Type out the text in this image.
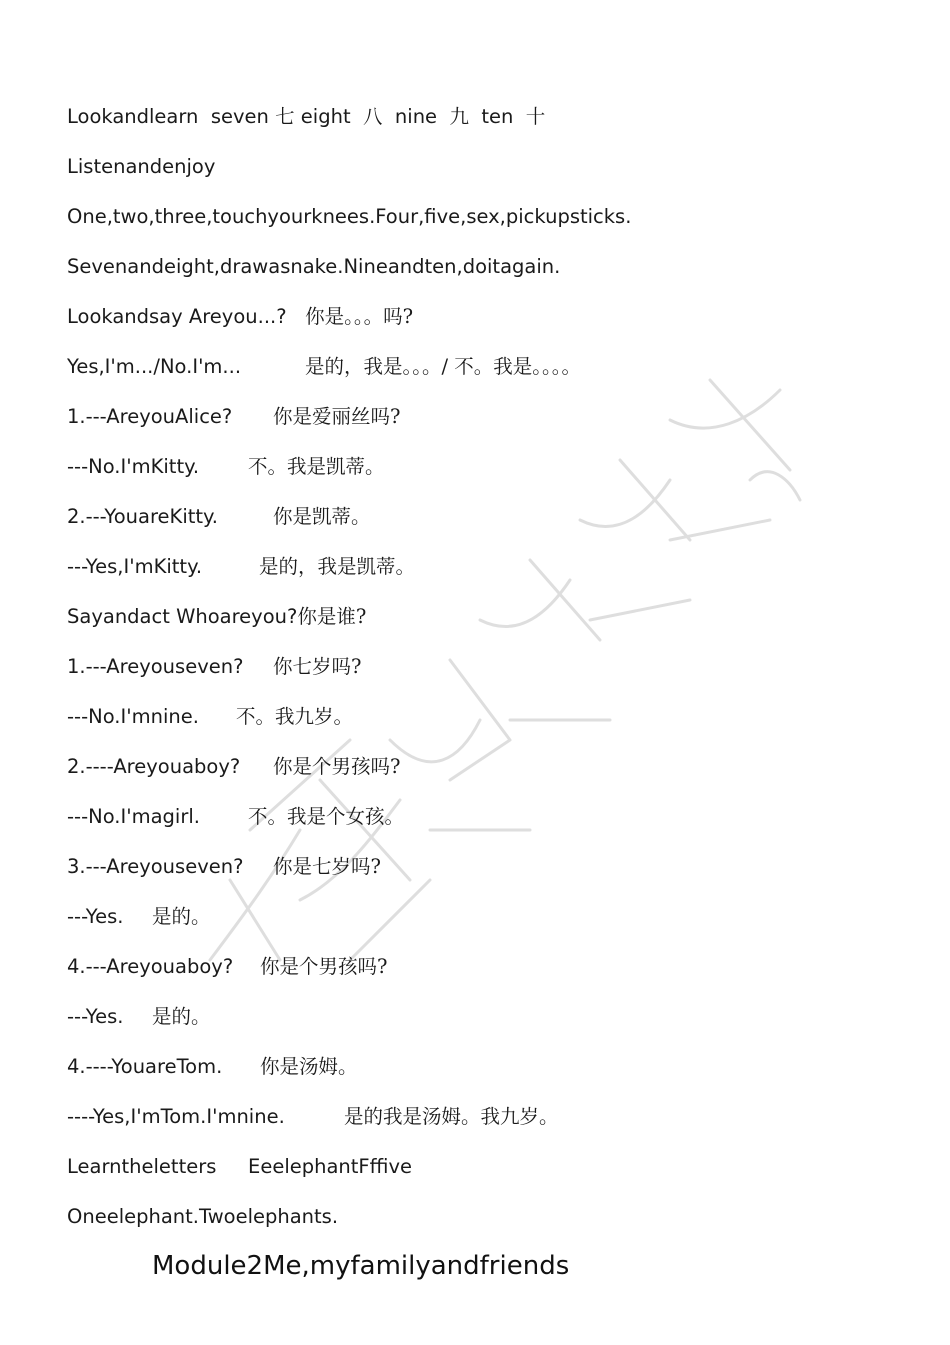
Lookandlearn  seven 七 eight  八  nine  九  ten  十
Listenandenjoy
One,two,three,touchyourknees.Four,five,sex,pickupsticks.
Sevenandeight,drawasnake.Nineandten,doitagain.
Lookandsay Areyou...?   你是。。。吗?
Yes,I'm.../No.I'm...	是的，我是。。。/ 不。我是。。。。
1.---AreyouAlice? 你是爱丽丝吗?
---No.I'mKitty.	不。我是凯蒂。
2.---YouareKitty.	你是凯蒂。
---Yes,I'mKitty.	是的，我是凯蒂。
Sayandact Whoareyou?你是谁?
1.---Areyouseven? 你七岁吗?
---No.I'mnine. 不。我九岁。
2.----Areyouaboy? 你是个男孩吗?
---No.I'magirl. 不。我是个女孩。
3.---Areyouseven? 你是七岁吗?
---Yes. 是的。
4.---Areyouaboy? 你是个男孩吗?
---Yes. 是的。
4.----YouareTom. 你是汤姆。
----Yes,I'mTom.I'mnine.	是的我是汤姆。我九岁。
Learntheletters EeelephantFffive
Oneelephant.Twoelephants.
Module2Me,myfamilyandfriends
